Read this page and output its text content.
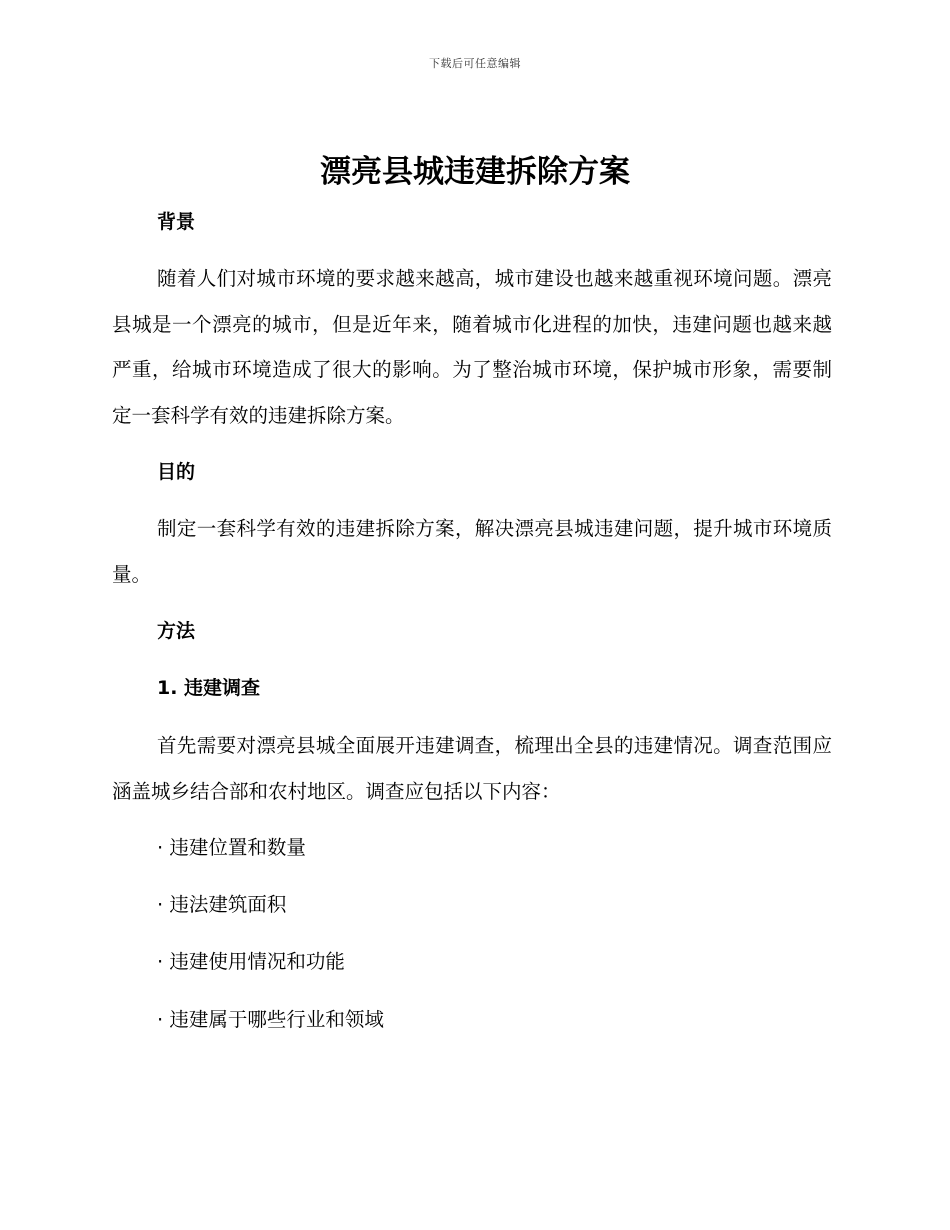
下载后可任意编辑
漂亮县城违建拆除方案
背景

随着人们对城市环境的要求越来越高，城市建设也越来越重视环境问题。漂亮县城是一个漂亮的城市，但是近年来，随着城市化进程的加快，违建问题也越来越严重，给城市环境造成了很大的影响。为了整治城市环境，保护城市形象，需要制定一套科学有效的违建拆除方案。

目的

制定一套科学有效的违建拆除方案，解决漂亮县城违建问题，提升城市环境质量。

方法
1. 违建调查

首先需要对漂亮县城全面展开违建调查，梳理出全县的违建情况。调查范围应涵盖城乡结合部和农村地区。调查应包括以下内容：

· 违建位置和数量
· 违法建筑面积
· 违建使用情况和功能
· 违建属于哪些行业和领域
